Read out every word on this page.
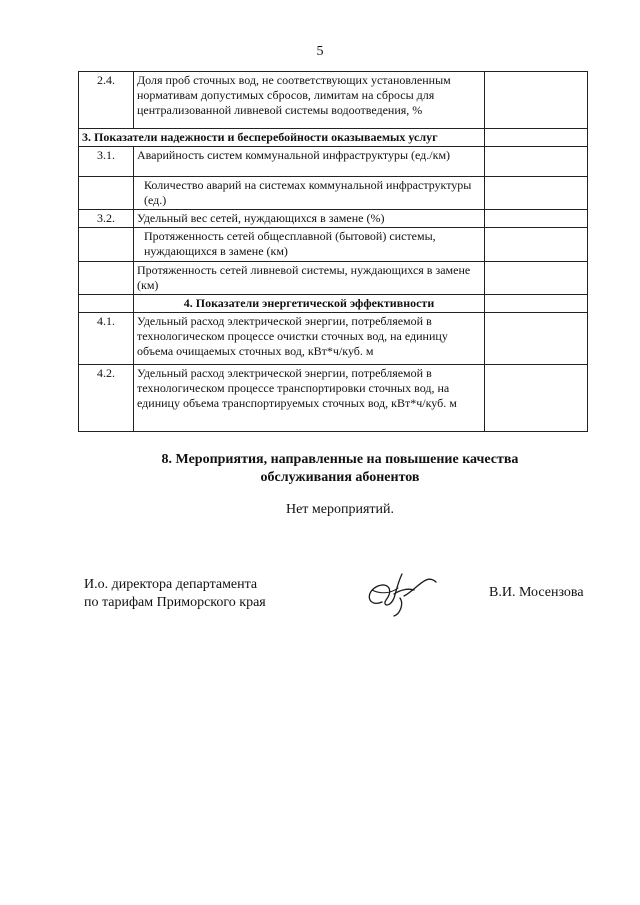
5
2.4.	Доля проб сточных вод, не соответствующих установленным нормативам допустимых сбросов, лимитам на сбросы для централизованной ливневой системы водоотведения, %	
3. Показатели надежности и бесперебойности оказываемых услуг		
3.1.	Аварийность систем коммунальной инфраструктуры (ед./км)	
	Количество аварий на системах коммунальной инфраструктуры (ед.)	
3.2.	Удельный вес сетей, нуждающихся в замене (%)	
	Протяженность сетей общесплавной (бытовой) системы, нуждающихся в замене (км)	
	Протяженность сетей ливневой системы, нуждающихся в замене (км)	
	4. Показатели энергетической эффективности	
4.1.	Удельный расход электрической энергии, потребляемой в технологическом процессе очистки сточных вод, на единицу объема очищаемых сточных вод, кВт*ч/куб. м	
4.2.	Удельный расход электрической энергии, потребляемой в технологическом процессе транспортировки сточных вод, на единицу объема транспортируемых сточных вод, кВт*ч/куб. м	
8. Мероприятия, направленные на повышение качества
обслуживания абонентов
Нет мероприятий.
И.о. директора департамента
по тарифам Приморского края
В.И. Мосензова
